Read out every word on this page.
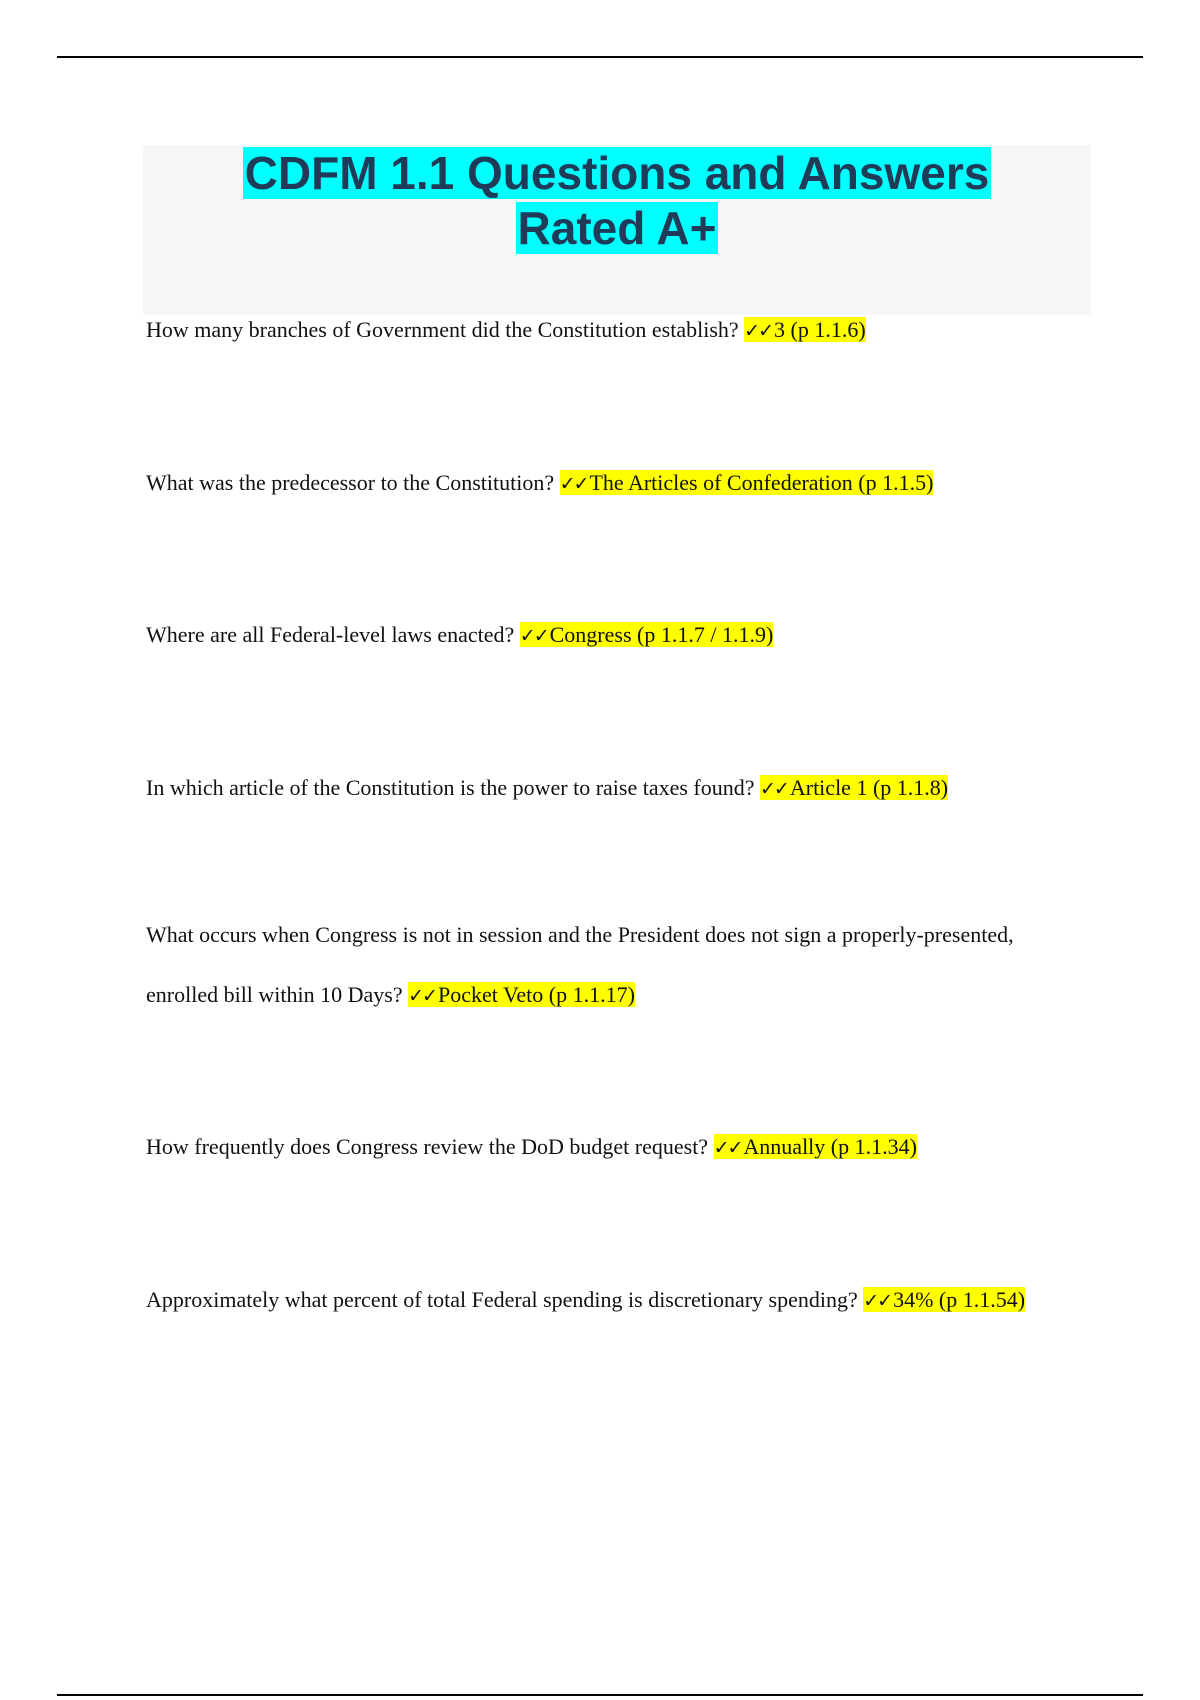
CDFM 1.1 Questions and Answers
Rated A+

How many branches of Government did the Constitution establish? ✓✓3 (p 1.1.6)

What was the predecessor to the Constitution? ✓✓The Articles of Confederation (p 1.1.5)

Where are all Federal-level laws enacted? ✓✓Congress (p 1.1.7 / 1.1.9)

In which article of the Constitution is the power to raise taxes found? ✓✓Article 1 (p 1.1.8)

What occurs when Congress is not in session and the President does not sign a properly-presented, enrolled bill within 10 Days? ✓✓Pocket Veto (p 1.1.17)

How frequently does Congress review the DoD budget request? ✓✓Annually (p 1.1.34)

Approximately what percent of total Federal spending is discretionary spending? ✓✓34% (p 1.1.54)
